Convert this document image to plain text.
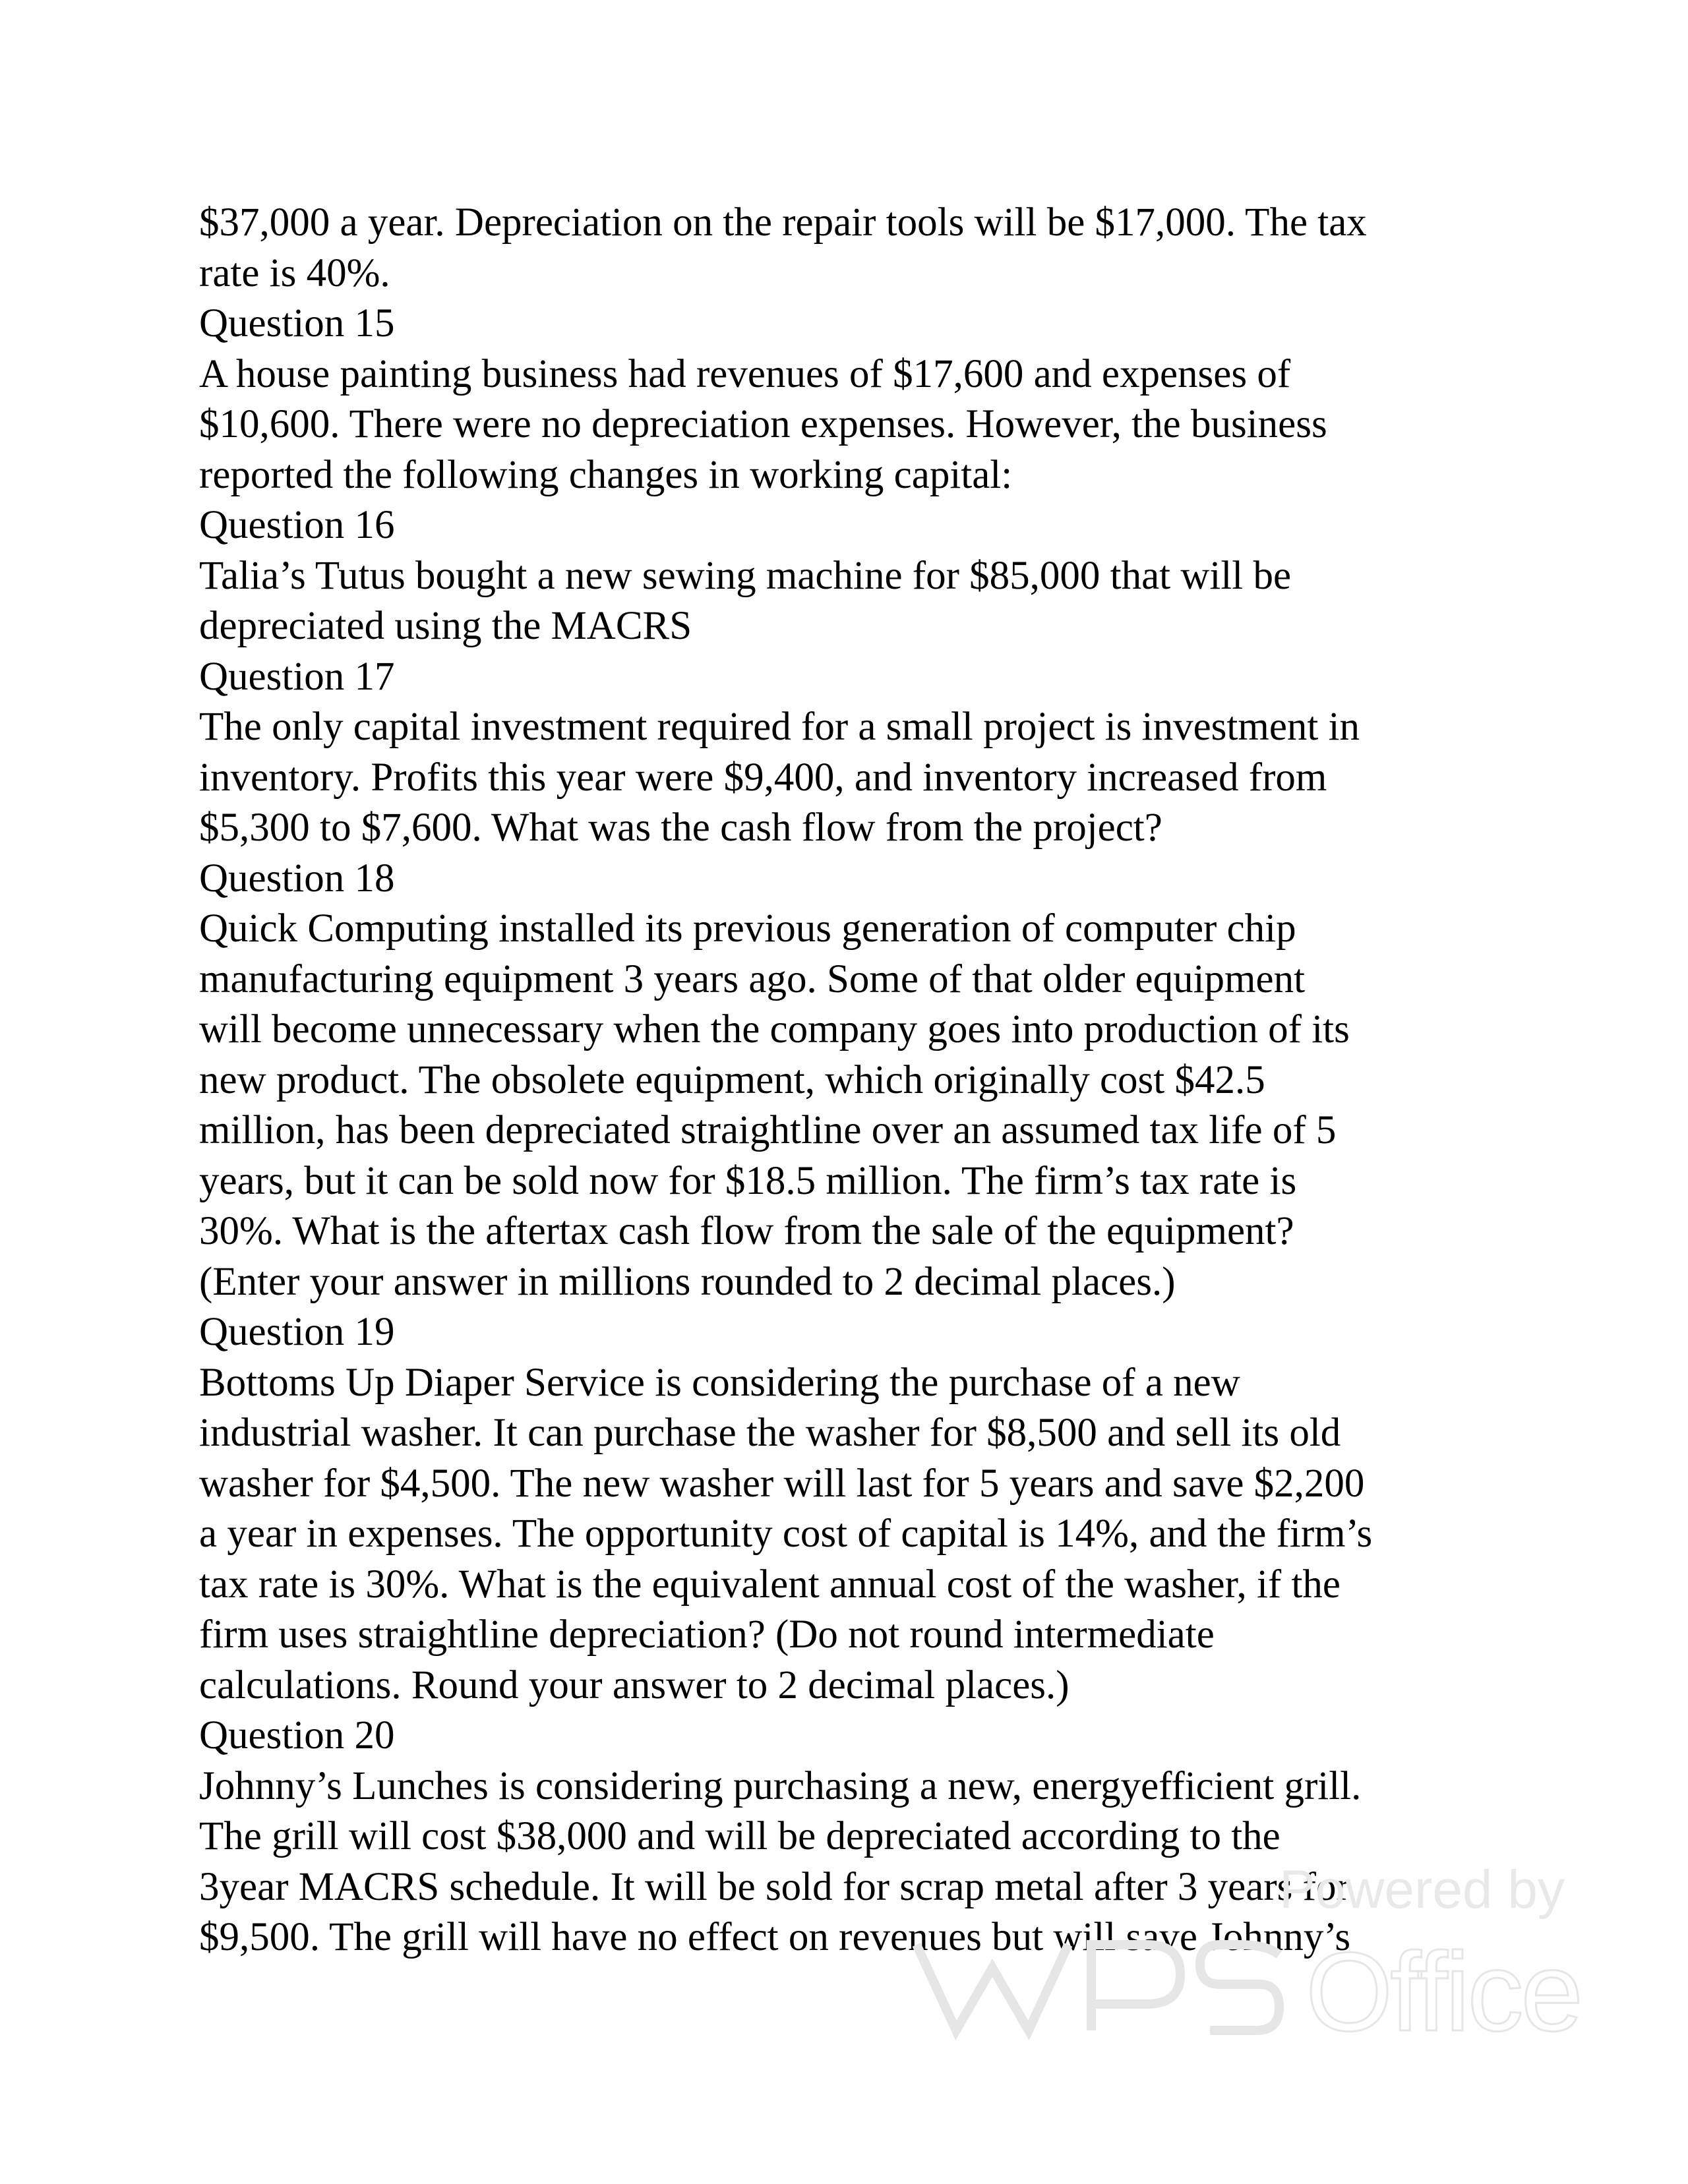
$37,000 a year. Depreciation on the repair tools will be $17,000. The tax
rate is 40%.
Question 15
A house painting business had revenues of $17,600 and expenses of
$10,600. There were no depreciation expenses. However, the business
reported the following changes in working capital:
Question 16
Talia’s Tutus bought a new sewing machine for $85,000 that will be
depreciated using the MACRS
Question 17
The only capital investment required for a small project is investment in
inventory. Profits this year were $9,400, and inventory increased from
$5,300 to $7,600. What was the cash flow from the project?
Question 18
Quick Computing installed its previous generation of computer chip
manufacturing equipment 3 years ago. Some of that older equipment
will become unnecessary when the company goes into production of its
new product. The obsolete equipment, which originally cost $42.5
million, has been depreciated straightline over an assumed tax life of 5
years, but it can be sold now for $18.5 million. The firm’s tax rate is
30%. What is the aftertax cash flow from the sale of the equipment?
(Enter your answer in millions rounded to 2 decimal places.)
Question 19
Bottoms Up Diaper Service is considering the purchase of a new
industrial washer. It can purchase the washer for $8,500 and sell its old
washer for $4,500. The new washer will last for 5 years and save $2,200
a year in expenses. The opportunity cost of capital is 14%, and the firm’s
tax rate is 30%. What is the equivalent annual cost of the washer, if the
firm uses straightline depreciation? (Do not round intermediate
calculations. Round your answer to 2 decimal places.)
Question 20
Johnny’s Lunches is considering purchasing a new, energyefficient grill.
The grill will cost $38,000 and will be depreciated according to the
3year MACRS schedule. It will be sold for scrap metal after 3 years for
$9,500. The grill will have no effect on revenues but will save Johnny’s
Powered by
Office
